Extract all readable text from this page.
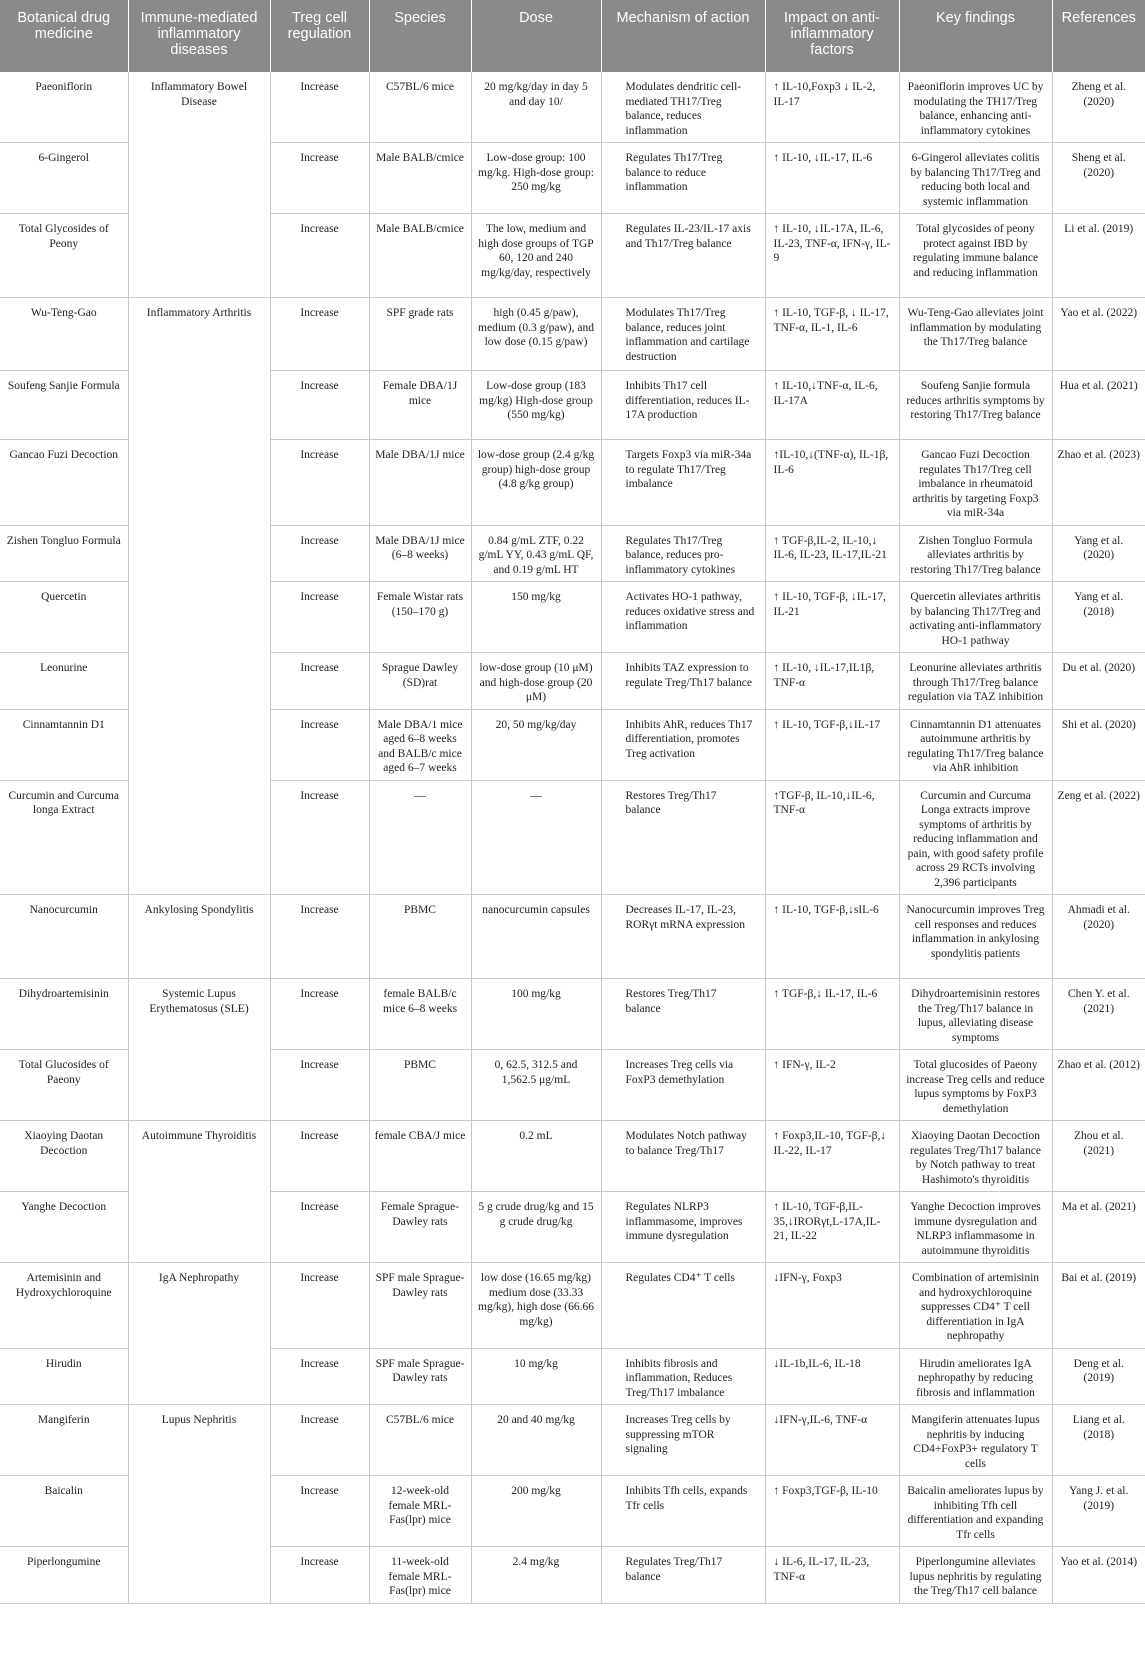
Botanical drug medicine	Immune-mediated inflammatory diseases	Treg cell regulation	Species	Dose	Mechanism of action	Impact on anti-inflammatory factors	Key findings	References
Paeoniflorin	Inflammatory Bowel Disease	Increase	C57BL/6 mice	20 mg/kg/day in day 5 and day 10/	Modulates dendritic cell-mediated TH17/Treg balance, reduces inflammation	↑ IL-10,Foxp3 ↓ IL-2, IL-17	Paeoniflorin improves UC by modulating the TH17/Treg balance, enhancing anti-inflammatory cytokines	Zheng et al. (2020)
6-Gingerol		Increase	Male BALB/cmice	Low-dose group: 100 mg/kg. High-dose group: 250 mg/kg	Regulates Th17/Treg balance to reduce inflammation	↑ IL-10, ↓IL-17, IL-6	6-Gingerol alleviates colitis by balancing Th17/Treg and reducing both local and systemic inflammation	Sheng et al. (2020)
Total Glycosides of Peony		Increase	Male BALB/cmice	The low, medium and high dose groups of TGP 60, 120 and 240 mg/kg/day, respectively	Regulates IL-23/IL-17 axis and Th17/Treg balance	↑ IL-10, ↓IL-17A, IL-6, IL-23, TNF-α, IFN-γ, IL-9	Total glycosides of peony protect against IBD by regulating immune balance and reducing inflammation	Li et al. (2019)
Wu-Teng-Gao	Inflammatory Arthritis	Increase	SPF grade rats	high (0.45 g/paw), medium (0.3 g/paw), and low dose (0.15 g/paw)	Modulates Th17/Treg balance, reduces joint inflammation and cartilage destruction	↑ IL-10, TGF-β, ↓ IL-17, TNF-α, IL-1, IL-6	Wu-Teng-Gao alleviates joint inflammation by modulating the Th17/Treg balance	Yao et al. (2022)
Soufeng Sanjie Formula		Increase	Female DBA/1J mice	Low-dose group (183 mg/kg) High-dose group (550 mg/kg)	Inhibits Th17 cell differentiation, reduces IL-17A production	↑ IL-10,↓TNF-α, IL-6, IL-17A	Soufeng Sanjie formula reduces arthritis symptoms by restoring Th17/Treg balance	Hua et al. (2021)
Gancao Fuzi Decoction		Increase	Male DBA/1J mice	low-dose group (2.4 g/kg group) high-dose group (4.8 g/kg group)	Targets Foxp3 via miR-34a to regulate Th17/Treg imbalance	↑IL-10,↓(TNF-α), IL-1β, IL-6	Gancao Fuzi Decoction regulates Th17/Treg cell imbalance in rheumatoid arthritis by targeting Foxp3 via miR-34a	Zhao et al. (2023)
Zishen Tongluo Formula		Increase	Male DBA/1J mice (6–8 weeks)	0.84 g/mL ZTF, 0.22 g/mL YY, 0.43 g/mL QF, and 0.19 g/mL HT	Regulates Th17/Treg balance, reduces pro-inflammatory cytokines	↑ TGF-β,IL-2, IL-10,↓ IL-6, IL-23, IL-17,IL-21	Zishen Tongluo Formula alleviates arthritis by restoring Th17/Treg balance	Yang et al. (2020)
Quercetin		Increase	Female Wistar rats (150–170 g)	150 mg/kg	Activates HO-1 pathway, reduces oxidative stress and inflammation	↑ IL-10, TGF-β, ↓IL-17, IL-21	Quercetin alleviates arthritis by balancing Th17/Treg and activating anti-inflammatory HO-1 pathway	Yang et al. (2018)
Leonurine		Increase	Sprague Dawley (SD)rat	low-dose group (10 μM) and high-dose group (20 μM)	Inhibits TAZ expression to regulate Treg/Th17 balance	↑ IL-10, ↓IL-17,IL1β, TNF-α	Leonurine alleviates arthritis through Th17/Treg balance regulation via TAZ inhibition	Du et al. (2020)
Cinnamtannin D1		Increase	Male DBA/1 mice aged 6–8 weeks and BALB/c mice aged 6–7 weeks	20, 50 mg/kg/day	Inhibits AhR, reduces Th17 differentiation, promotes Treg activation	↑ IL-10, TGF-β,↓IL-17	Cinnamtannin D1 attenuates autoimmune arthritis by regulating Th17/Treg balance via AhR inhibition	Shi et al. (2020)
Curcumin and Curcuma longa Extract		Increase	—	—	Restores Treg/Th17 balance	↑TGF-β, IL-10,↓IL-6, TNF-α	Curcumin and Curcuma Longa extracts improve symptoms of arthritis by reducing inflammation and pain, with good safety profile across 29 RCTs involving 2,396 participants	Zeng et al. (2022)
Nanocurcumin	Ankylosing Spondylitis	Increase	PBMC	nanocurcumin capsules	Decreases IL-17, IL-23, RORγt mRNA expression	↑ IL-10, TGF-β,↓sIL-6	Nanocurcumin improves Treg cell responses and reduces inflammation in ankylosing spondylitis patients	Ahmadi et al. (2020)
Dihydroartemisinin	Systemic Lupus Erythematosus (SLE)	Increase	female BALB/c mice 6–8 weeks	100 mg/kg	Restores Treg/Th17 balance	↑ TGF-β,↓ IL-17, IL-6	Dihydroartemisinin restores the Treg/Th17 balance in lupus, alleviating disease symptoms	Chen Y. et al. (2021)
Total Glucosides of Paeony		Increase	PBMC	0, 62.5, 312.5 and 1,562.5 μg/mL	Increases Treg cells via FoxP3 demethylation	↑ IFN-γ, IL-2	Total glucosides of Paeony increase Treg cells and reduce lupus symptoms by FoxP3 demethylation	Zhao et al. (2012)
Xiaoying Daotan Decoction	Autoimmune Thyroiditis	Increase	female CBA/J mice	0.2 mL	Modulates Notch pathway to balance Treg/Th17	↑ Foxp3,IL-10, TGF-β,↓ IL-22, IL-17	Xiaoying Daotan Decoction regulates Treg/Th17 balance by Notch pathway to treat Hashimoto's thyroiditis	Zhou et al. (2021)
Yanghe Decoction		Increase	Female Sprague-Dawley rats	5 g crude drug/kg and 15 g crude drug/kg	Regulates NLRP3 inflammasome, improves immune dysregulation	↑ IL-10, TGF-β,IL-35,↓IRORγt,L-17A,IL-21, IL-22	Yanghe Decoction improves immune dysregulation and NLRP3 inflammasome in autoimmune thyroiditis	Ma et al. (2021)
Artemisinin and Hydroxychloroquine	IgA Nephropathy	Increase	SPF male Sprague-Dawley rats	low dose (16.65 mg/kg) medium dose (33.33 mg/kg), high dose (66.66 mg/kg)	Regulates CD4⁺ T cells	↓IFN-γ, Foxp3	Combination of artemisinin and hydroxychloroquine suppresses CD4⁺ T cell differentiation in IgA nephropathy	Bai et al. (2019)
Hirudin		Increase	SPF male Sprague-Dawley rats	10 mg/kg	Inhibits fibrosis and inflammation, Reduces Treg/Th17 imbalance	↓IL-1b,IL-6, IL-18	Hirudin ameliorates IgA nephropathy by reducing fibrosis and inflammation	Deng et al. (2019)
Mangiferin	Lupus Nephritis	Increase	C57BL/6 mice	20 and 40 mg/kg	Increases Treg cells by suppressing mTOR signaling	↓IFN-γ,IL-6, TNF-α	Mangiferin attenuates lupus nephritis by inducing CD4+FoxP3+ regulatory T cells	Liang et al. (2018)
Baicalin		Increase	12-week-old female MRL-Fas(lpr) mice	200 mg/kg	Inhibits Tfh cells, expands Tfr cells	↑ Foxp3,TGF-β, IL-10	Baicalin ameliorates lupus by inhibiting Tfh cell differentiation and expanding Tfr cells	Yang J. et al. (2019)
Piperlongumine		Increase	11-week-old female MRL-Fas(lpr) mice	2.4 mg/kg	Regulates Treg/Th17 balance	↓ IL-6, IL-17, IL-23, TNF-α	Piperlongumine alleviates lupus nephritis by regulating the Treg/Th17 cell balance	Yao et al. (2014)
